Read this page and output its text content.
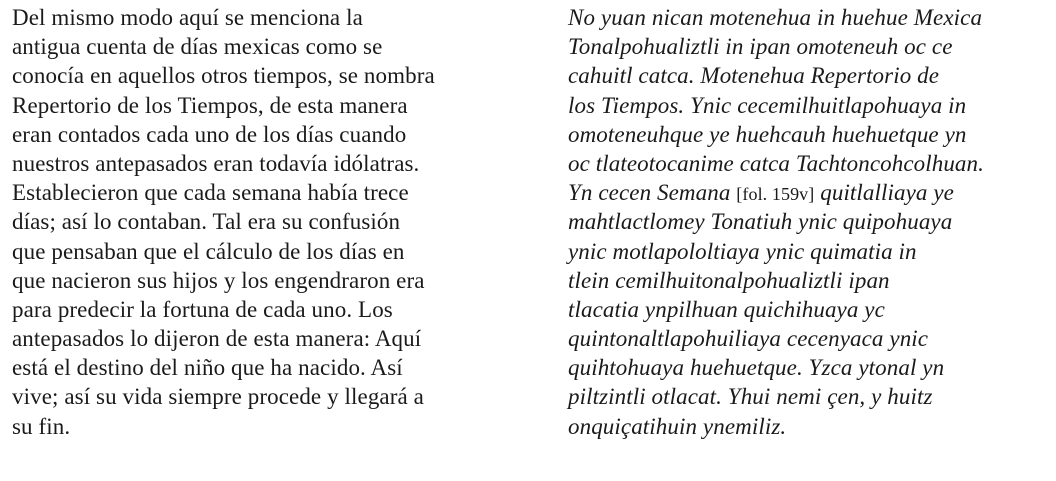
Del mismo modo aquí se menciona la
antigua cuenta de días mexicas como se
conocía en aquellos otros tiempos, se nombra
Repertorio de los Tiempos, de esta manera
eran contados cada uno de los días cuando
nuestros antepasados eran todavía idólatras.
Establecieron que cada semana había trece
días; así lo contaban. Tal era su confusión
que pensaban que el cálculo de los días en
que nacieron sus hijos y los engendraron era
para predecir la fortuna de cada uno. Los
antepasados lo dijeron de esta manera: Aquí
está el destino del niño que ha nacido. Así
vive; así su vida siempre procede y llegará a
su fin.
No yuan nican motenehua in huehue Mexica
Tonalpohualiztli in ipan omoteneuh oc ce
cahuitl catca. Motenehua Repertorio de
los Tiempos. Ynic cecemilhuitlapohuaya in
omoteneuhque ye huehcauh huehuetque yn
oc tlateotocanime catca Tachtoncohcolhuan.
Yn cecen Semana [fol. 159v] quitlalliaya ye
mahtlactlomey Tonatiuh ynic quipohuaya
ynic motlapololtiaya ynic quimatia in
tlein cemilhuitonalpohualiztli ipan
tlacatia ynpilhuan quichihuaya yc
quintonaltlapohuiliaya cecenyaca ynic
quihtohuaya huehuetque. Yzca ytonal yn
piltzintli otlacat. Yhui nemi çen, y huitz
onquiçatihuin ynemiliz.
